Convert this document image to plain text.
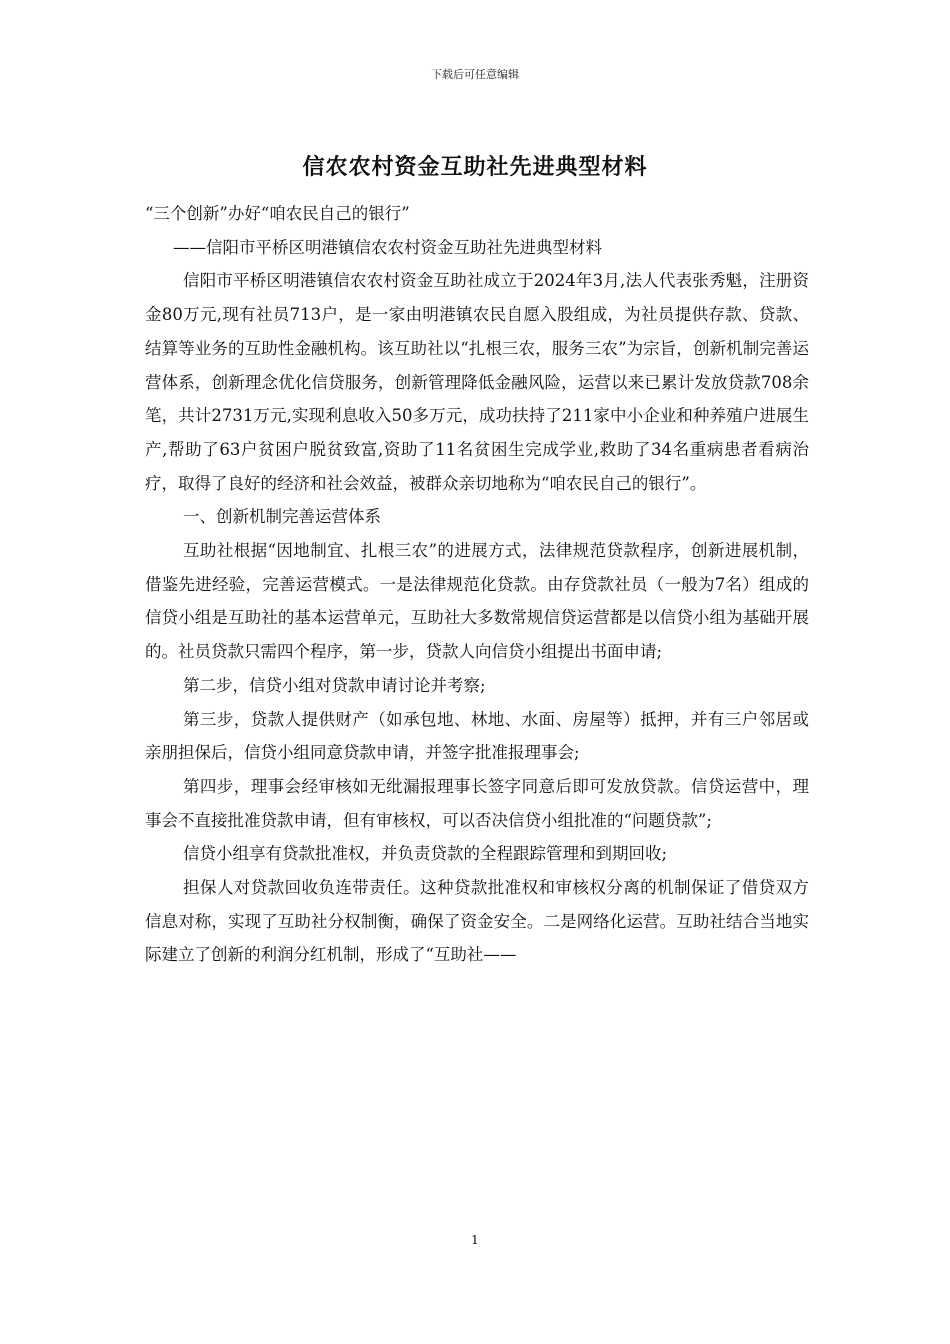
下载后可任意编辑
信农农村资金互助社先进典型材料

“三个创新”办好“咱农民自己的银行”

——信阳市平桥区明港镇信农农村资金互助社先进典型材料

信阳市平桥区明港镇信农农村资金互助社成立于2024年3月,法人代表张秀魁，注册资金80万元,现有社员713户，是一家由明港镇农民自愿入股组成，为社员提供存款、贷款、结算等业务的互助性金融机构。该互助社以“扎根三农，服务三农”为宗旨，创新机制完善运营体系，创新理念优化信贷服务，创新管理降低金融风险，运营以来已累计发放贷款708余笔，共计2731万元,实现利息收入50多万元，成功扶持了211家中小企业和种养殖户进展生产,帮助了63户贫困户脱贫致富,资助了11名贫困生完成学业,救助了34名重病患者看病治疗，取得了良好的经济和社会效益，被群众亲切地称为“咱农民自己的银行”。

一、创新机制完善运营体系

互助社根据“因地制宜、扎根三农”的进展方式，法律规范贷款程序，创新进展机制，借鉴先进经验，完善运营模式。一是法律规范化贷款。由存贷款社员（一般为7名）组成的信贷小组是互助社的基本运营单元，互助社大多数常规信贷运营都是以信贷小组为基础开展的。社员贷款只需四个程序，第一步，贷款人向信贷小组提出书面申请;

第二步，信贷小组对贷款申请讨论并考察;

第三步，贷款人提供财产（如承包地、林地、水面、房屋等）抵押，并有三户邻居或亲朋担保后，信贷小组同意贷款申请，并签字批准报理事会;

第四步，理事会经审核如无纰漏报理事长签字同意后即可发放贷款。信贷运营中，理事会不直接批准贷款申请，但有审核权，可以否决信贷小组批准的“问题贷款”;

信贷小组享有贷款批准权，并负责贷款的全程跟踪管理和到期回收;

担保人对贷款回收负连带责任。这种贷款批准权和审核权分离的机制保证了借贷双方信息对称，实现了互助社分权制衡，确保了资金安全。二是网络化运营。互助社结合当地实际建立了创新的利润分红机制，形成了“互助社——

1
